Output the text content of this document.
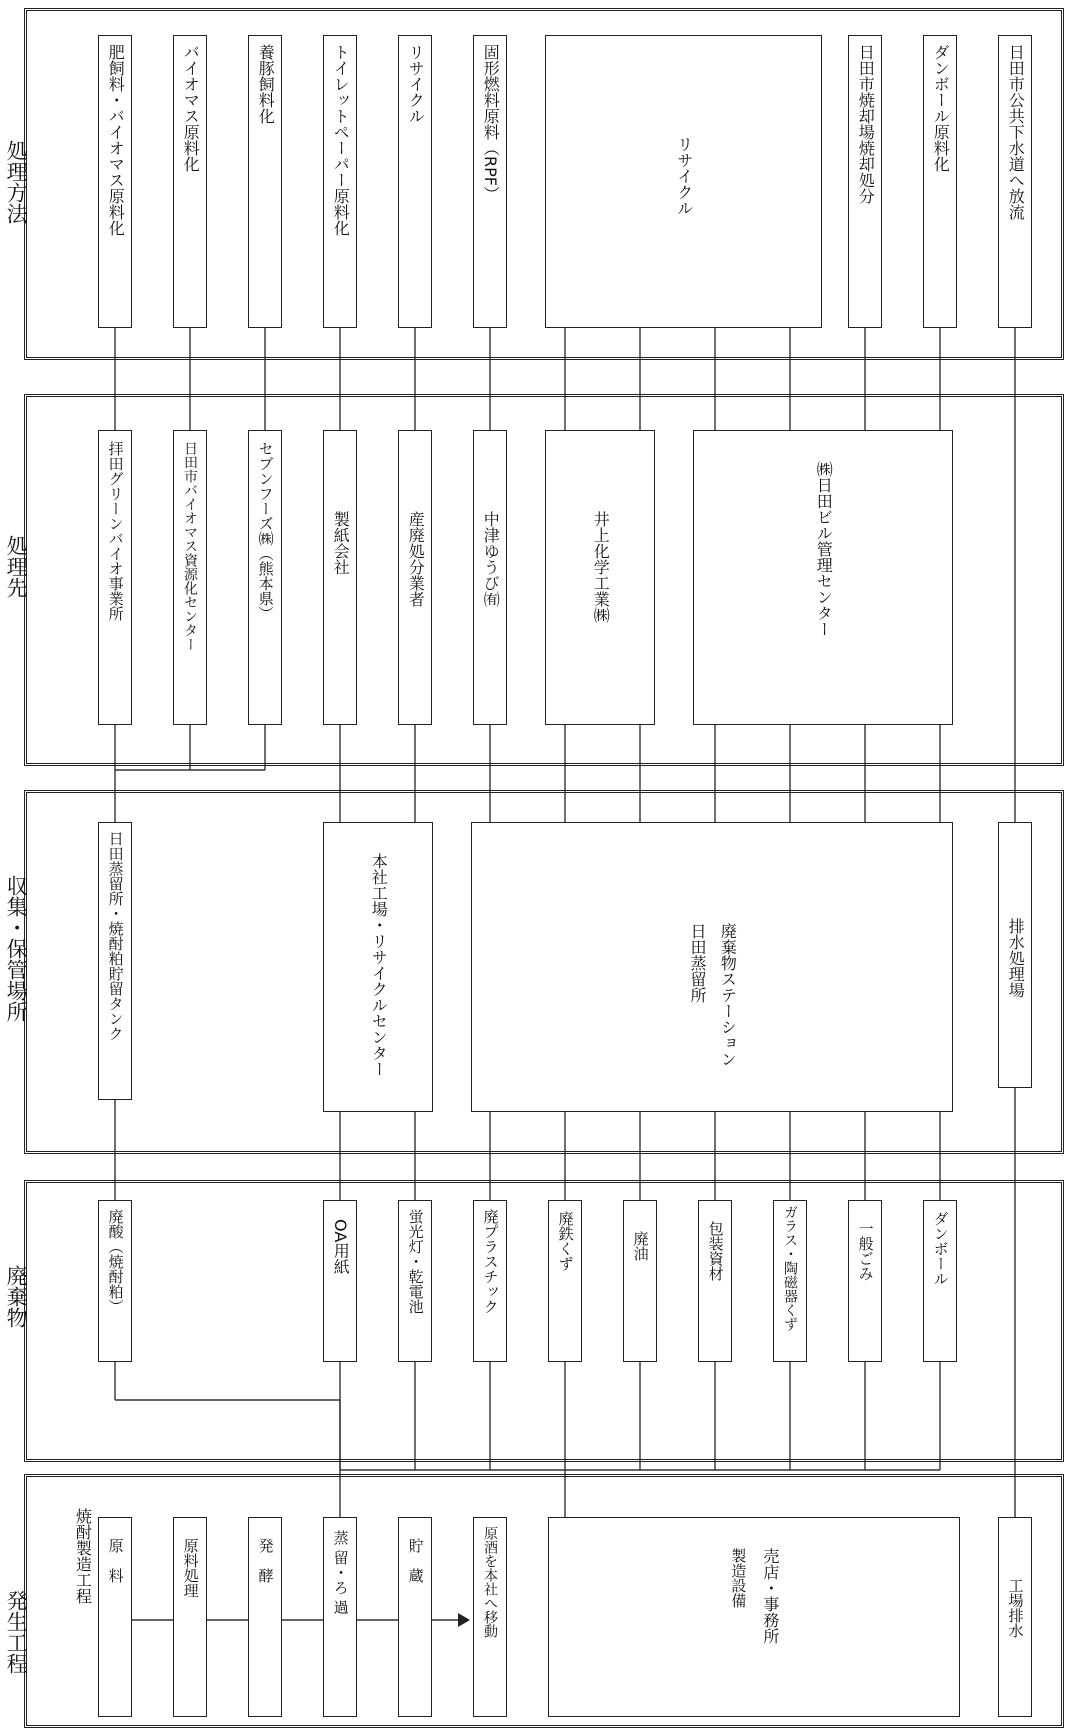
処理方法
処理先
収集・保管場所
廃棄物
発生工程
肥飼料・バイオマス原料化	バイオマス原料化	養豚飼料化	トイレットペーパー原料化	リサイクル	固形燃料原料（RPF）	リサイクル	日田市焼却場焼却処分	ダンボール原料化	日田市公共下水道へ放流
拝田グリーンバイオ事業所	日田市バイオマス資源化センター	セブンフーズ㈱（熊本県）	製紙会社	産廃処分業者	中津ゆうび㈲	井上化学工業㈱	㈱日田ビル管理センター
日田蒸留所・焼酎粕貯留タンク	本社工場・リサイクルセンター	日田蒸留所 廃棄物ステーション	排水処理場
廃酸（焼酎粕）	OA用紙	蛍光灯・乾電池	廃プラスチック	廃鉄くず	廃油	包装資材	ガラス・陶磁器くず	一般ごみ	ダンボール
焼酎製造工程 原　料	原料処理	発　酵	蒸 留・ろ 過	貯　蔵	原酒を本社へ移動	製造設備 売店・事務所	工場排水
